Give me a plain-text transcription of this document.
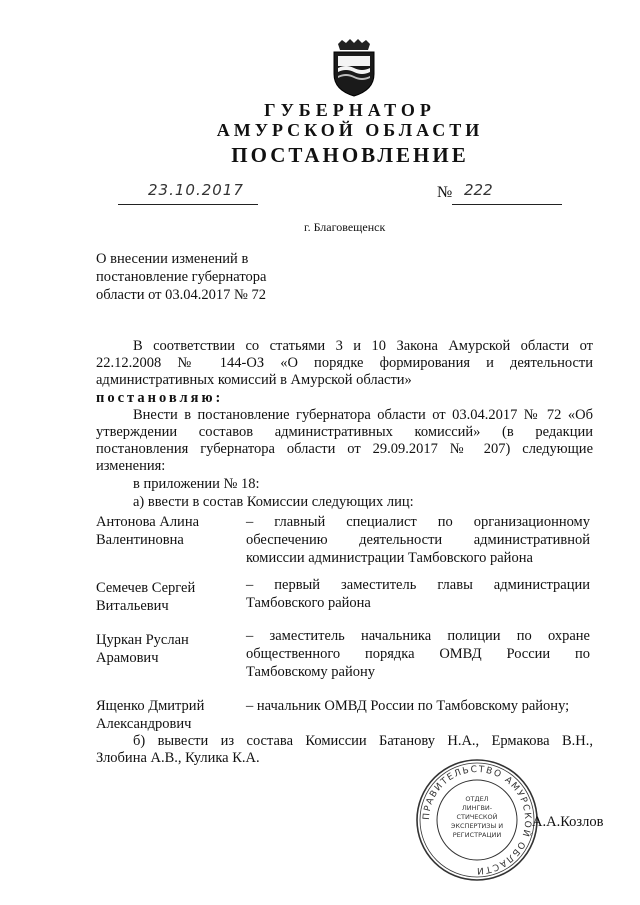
ГУБЕРНАТОР
АМУРСКОЙ ОБЛАСТИ
ПОСТАНОВЛЕНИЕ
23.10.2017	№ 222
г. Благовещенск
О внесении изменений в
постановление губернатора
области от 03.04.2017 № 72
В соответствии со статьями 3 и 10 Закона Амурской области от
22.12.2008 № 144-ОЗ «О порядке формирования и деятельности
административных комиссий в Амурской области»
постановляю:
Внести в постановление губернатора области от 03.04.2017 № 72 «Об
утверждении составов административных комиссий» (в редакции
постановления губернатора области от 29.09.2017 № 207) следующие
изменения:
в приложении № 18:
а) ввести в состав Комиссии следующих лиц:
Антонова Алина
Валентиновна
– главный специалист по организационному
обеспечению деятельности административной
комиссии администрации Тамбовского района
Семечев Сергей
Витальевич
– первый заместитель главы администрации
Тамбовского района
Цуркан Руслан
Арамович
– заместитель начальника полиции по охране
общественного порядка ОМВД России по
Тамбовскому району
Ященко Дмитрий
Александрович
– начальник ОМВД России по Тамбовскому району;
б) вывести из состава Комиссии Батанову Н.А., Ермакова В.Н.,
Злобина А.В., Кулика К.А.
ПРАВИТЕЛЬСТВО АМУРСКОЙ ОБЛАСТИ
ОТДЕЛ
ЛИНГВИ-
СТИЧЕСКОЙ
ЭКСПЕРТИЗЫ И
РЕГИСТРАЦИИ
А.А.Козлов
